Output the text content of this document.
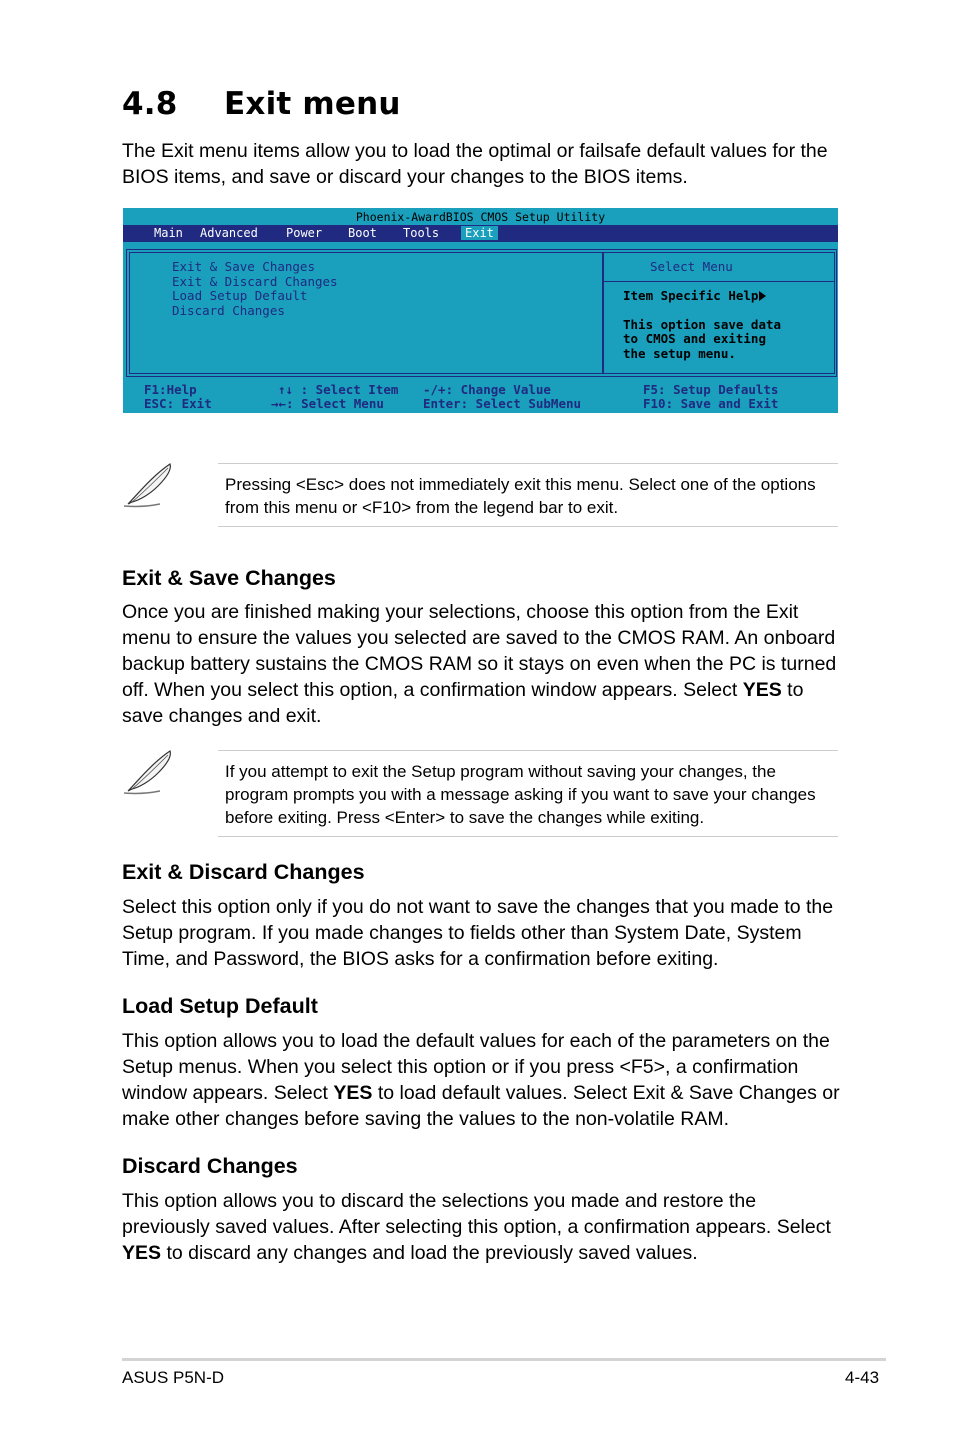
4.8 Exit menu
The Exit menu items allow you to load the optimal or failsafe default values for the BIOS items, and save or discard your changes to the BIOS items.
Phoenix-AwardBIOS CMOS Setup Utility
Main Advanced Power Boot Tools	Exit
Exit & Save Changes
Exit & Discard Changes
Load Setup Default
Discard Changes
Select Menu
Item Specific Help
This option save data
to CMOS and exiting
the setup menu.
F1:Help
ESC: Exit
↑↓ : Select Item
→←: Select Menu
-/+: Change Value
Enter: Select SubMenu
F5: Setup Defaults
F10: Save and Exit
Pressing <Esc> does not immediately exit this menu. Select one of the options from this menu or <F10> from the legend bar to exit.
Exit & Save Changes
Once you are finished making your selections, choose this option from the Exit menu to ensure the values you selected are saved to the CMOS RAM. An onboard backup battery sustains the CMOS RAM so it stays on even when the PC is turned off. When you select this option, a confirmation window appears. Select YES to save changes and exit.
If you attempt to exit the Setup program without saving your changes, the program prompts you with a message asking if you want to save your changes before exiting. Press <Enter> to save the changes while exiting.
Exit & Discard Changes
Select this option only if you do not want to save the changes that you made to the Setup program. If you made changes to fields other than System Date, System Time, and Password, the BIOS asks for a confirmation before exiting.
Load Setup Default
This option allows you to load the default values for each of the parameters on the Setup menus. When you select this option or if you press <F5>, a confirmation window appears. Select YES to load default values. Select Exit & Save Changes or make other changes before saving the values to the non-volatile RAM.
Discard Changes
This option allows you to discard the selections you made and restore the previously saved values. After selecting this option, a confirmation appears. Select YES to discard any changes and load the previously saved values.
ASUS P5N-D	4-43
